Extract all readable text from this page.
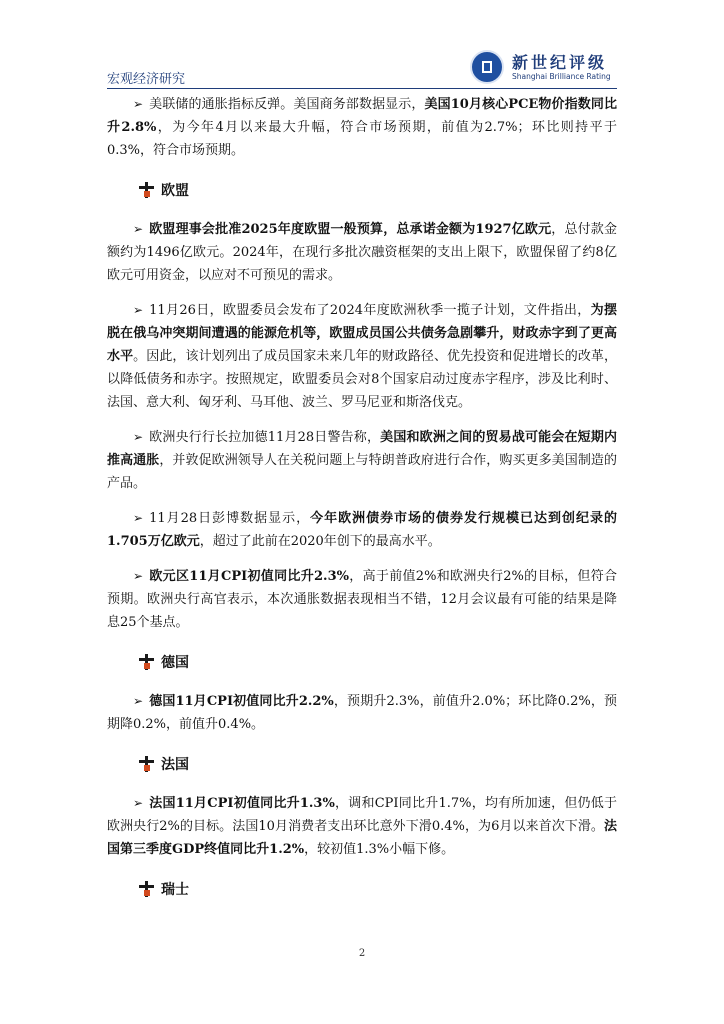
宏观经济研究
新世纪评级
Shanghai Brilliance Rating

➢ 美联储的通胀指标反弹。美国商务部数据显示，美国10月核心PCE物价指数同比升2.8%，为今年4月以来最大升幅，符合市场预期，前值为2.7%；环比则持平于0.3%，符合市场预期。

欧盟

➢ 欧盟理事会批准2025年度欧盟一般预算，总承诺金额为1927亿欧元，总付款金额约为1496亿欧元。2024年，在现行多批次融资框架的支出上限下，欧盟保留了约8亿欧元可用资金，以应对不可预见的需求。

➢ 11月26日，欧盟委员会发布了2024年度欧洲秋季一揽子计划，文件指出，为摆脱在俄乌冲突期间遭遇的能源危机等，欧盟成员国公共债务急剧攀升，财政赤字到了更高水平。因此，该计划列出了成员国家未来几年的财政路径、优先投资和促进增长的改革，以降低债务和赤字。按照规定，欧盟委员会对8个国家启动过度赤字程序，涉及比利时、法国、意大利、匈牙利、马耳他、波兰、罗马尼亚和斯洛伐克。

➢ 欧洲央行行长拉加德11月28日警告称，美国和欧洲之间的贸易战可能会在短期内推高通胀，并敦促欧洲领导人在关税问题上与特朗普政府进行合作，购买更多美国制造的产品。

➢ 11月28日彭博数据显示，今年欧洲债券市场的债券发行规模已达到创纪录的1.705万亿欧元，超过了此前在2020年创下的最高水平。

➢ 欧元区11月CPI初值同比升2.3%，高于前值2%和欧洲央行2%的目标，但符合预期。欧洲央行高官表示，本次通胀数据表现相当不错，12月会议最有可能的结果是降息25个基点。

德国

➢ 德国11月CPI初值同比升2.2%，预期升2.3%，前值升2.0%；环比降0.2%，预期降0.2%，前值升0.4%。

法国

➢ 法国11月CPI初值同比升1.3%，调和CPI同比升1.7%，均有所加速，但仍低于欧洲央行2%的目标。法国10月消费者支出环比意外下滑0.4%，为6月以来首次下滑。法国第三季度GDP终值同比升1.2%，较初值1.3%小幅下修。

瑞士
2
